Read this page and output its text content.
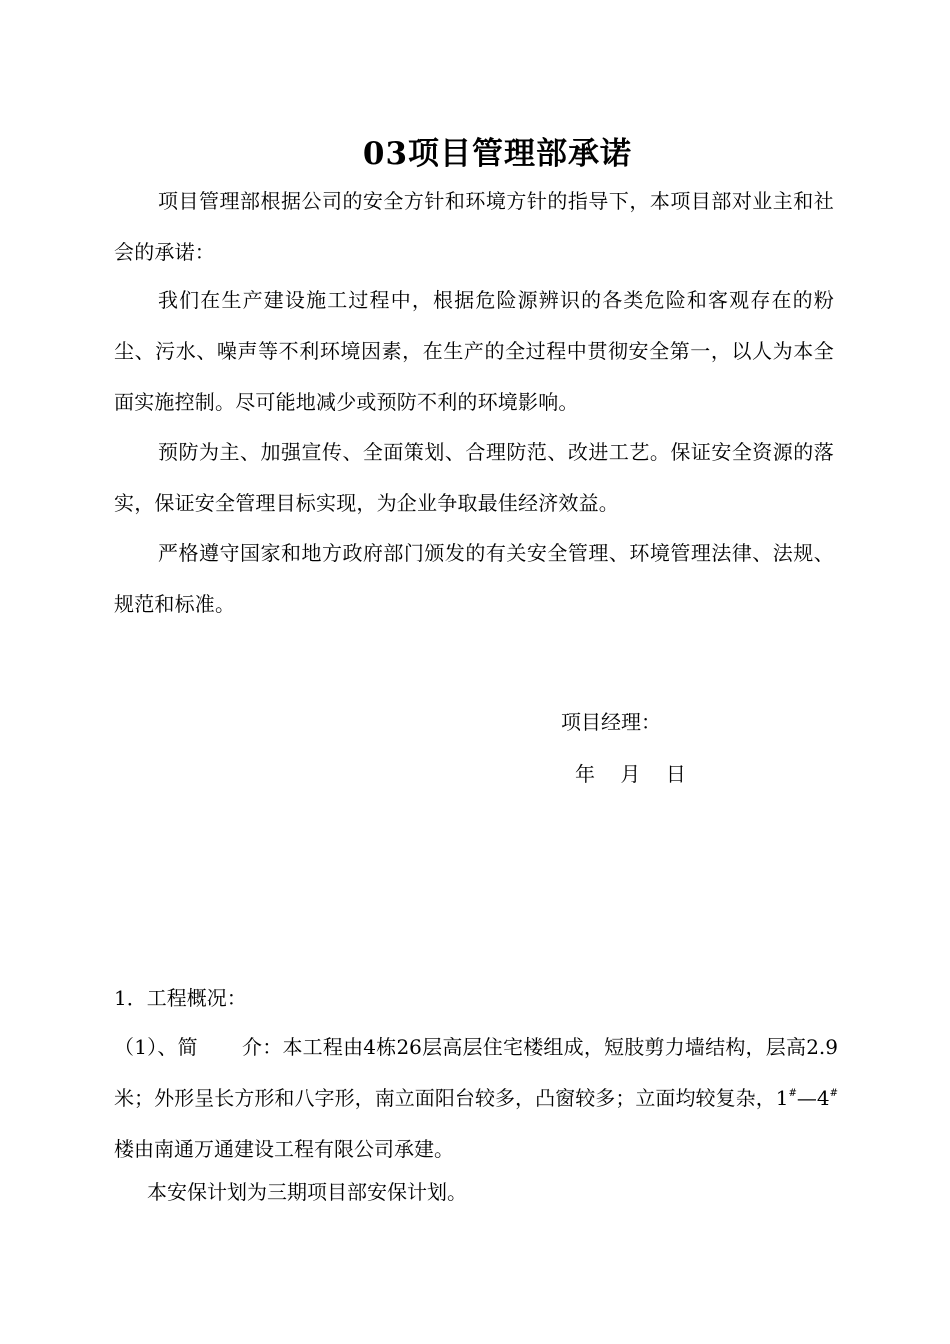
03项目管理部承诺

项目管理部根据公司的安全方针和环境方针的指导下，本项目部对业主和社会的承诺：

我们在生产建设施工过程中，根据危险源辨识的各类危险和客观存在的粉尘、污水、噪声等不利环境因素，在生产的全过程中贯彻安全第一，以人为本全面实施控制。尽可能地减少或预防不利的环境影响。

预防为主、加强宣传、全面策划、合理防范、改进工艺。保证安全资源的落实，保证安全管理目标实现，为企业争取最佳经济效益。

严格遵守国家和地方政府部门颁发的有关安全管理、环境管理法律、法规、规范和标准。

项目经理：
年    月    日
1．工程概况：

（1）、简 介：本工程由4栋26层高层住宅楼组成，短肢剪力墙结构，层高2.9米；外形呈长方形和八字形，南立面阳台较多，凸窗较多；立面均较复杂，1#—4#楼由南通万通建设工程有限公司承建。

本安保计划为三期项目部安保计划。
